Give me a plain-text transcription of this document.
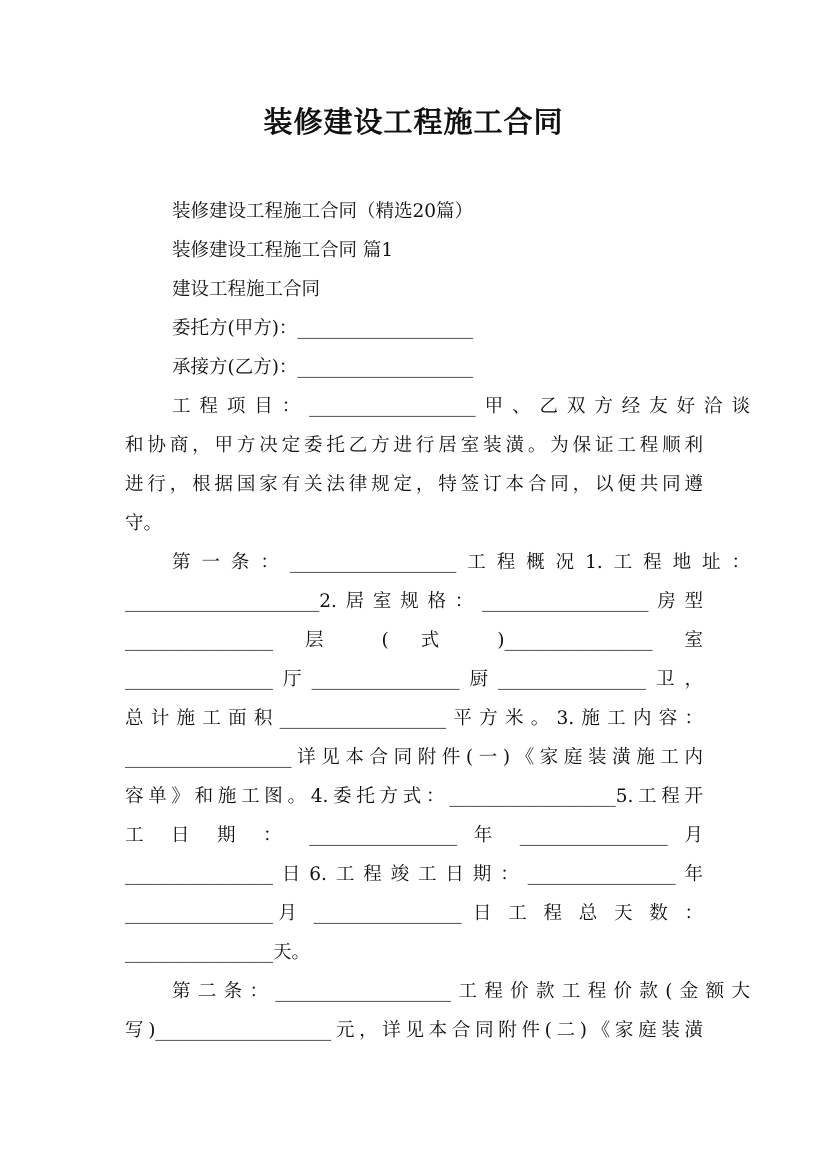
装修建设工程施工合同
装修建设工程施工合同（精选20篇）
装修建设工程施工合同 篇1
建设工程施工合同
委托方(甲方)：___________________
承接方(乙方)：___________________
工程项目：__________________甲、乙双方经友好洽谈
和协商，甲方决定委托乙方进行居室装潢。为保证工程顺利
进行，根据国家有关法律规定，特签订本合同，以便共同遵
守。
第一条：__________________工程概况1.工程地址：
_____________________2.居室规格：__________________房型
________________ 层 ( 式 )________________ 室
________________厅________________厨________________卫，
总计施工面积__________________平方米。3.施工内容：
__________________详见本合同附件(一)《家庭装潢施工内
容单》和施工图。4.委托方式：__________________5.工程开
工 日 期 ： ________________ 年 ________________ 月
________________日6.工程竣工日期：________________年
________________月 ________________ 日 工 程 总 天 数 ：
________________天。
第二条：___________________工程价款工程价款(金额大
写)___________________元，详见本合同附件(二)《家庭装潢
